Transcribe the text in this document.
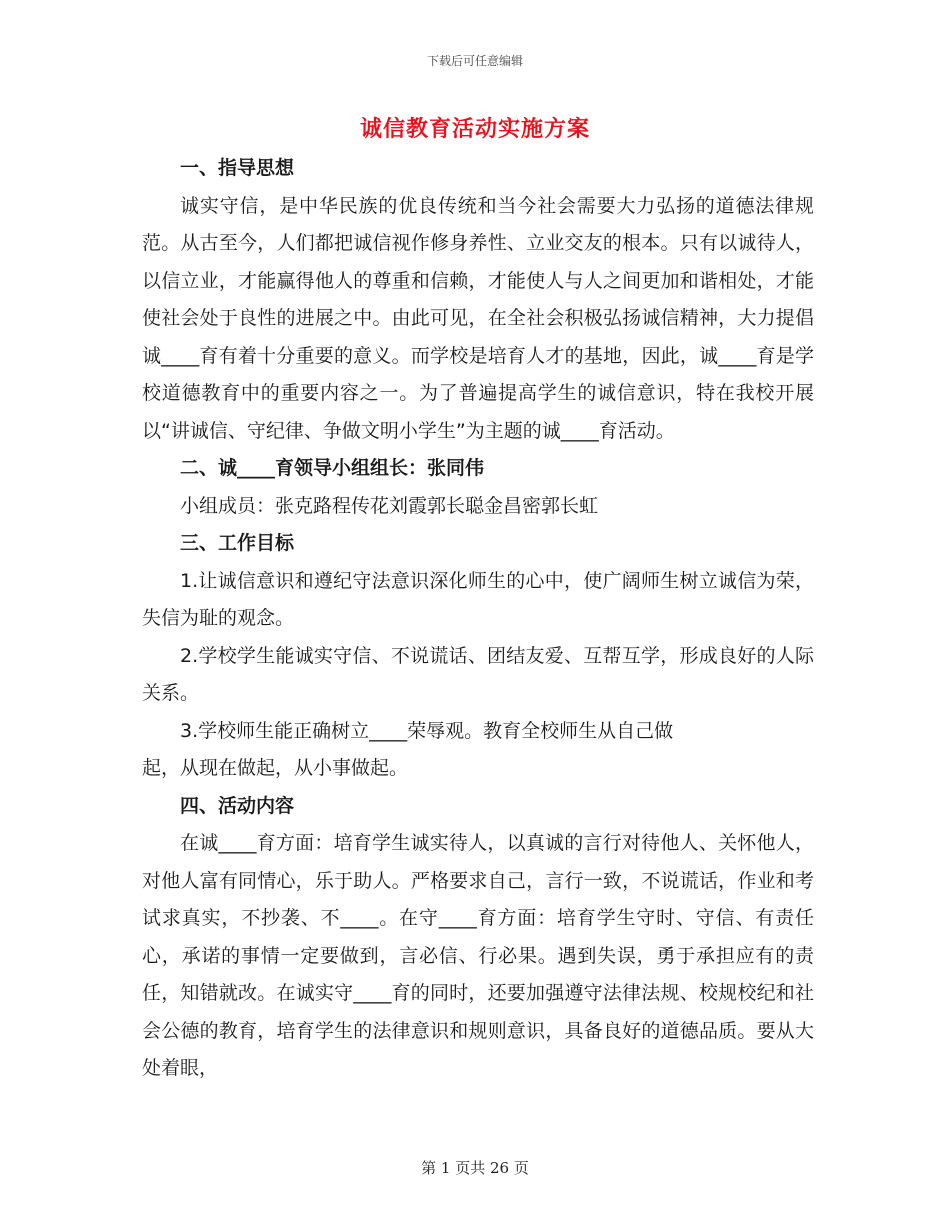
下载后可任意编辑
诚信教育活动实施方案

一、指导思想

诚实守信，是中华民族的优良传统和当今社会需要大力弘扬的道德法律规范。从古至今，人们都把诚信视作修身养性、立业交友的根本。只有以诚待人，以信立业，才能赢得他人的尊重和信赖，才能使人与人之间更加和谐相处，才能使社会处于良性的进展之中。由此可见，在全社会积极弘扬诚信精神，大力提倡诚____育有着十分重要的意义。而学校是培育人才的基地，因此，诚____育是学校道德教育中的重要内容之一。为了普遍提高学生的诚信意识，特在我校开展以“讲诚信、守纪律、争做文明小学生”为主题的诚____育活动。

二、诚____育领导小组组长：张同伟

小组成员：张克路程传花刘霞郭长聪金昌密郭长虹

三、工作目标

1.让诚信意识和遵纪守法意识深化师生的心中，使广阔师生树立诚信为荣，失信为耻的观念。

2.学校学生能诚实守信、不说谎话、团结友爱、互帮互学，形成良好的人际关系。

3.学校师生能正确树立____荣辱观。教育全校师生从自己做

起，从现在做起，从小事做起。

四、活动内容

在诚____育方面：培育学生诚实待人，以真诚的言行对待他人、关怀他人，对他人富有同情心，乐于助人。严格要求自己，言行一致，不说谎话，作业和考试求真实，不抄袭、不____。在守____育方面：培育学生守时、守信、有责任心，承诺的事情一定要做到，言必信、行必果。遇到失误，勇于承担应有的责任，知错就改。在诚实守____育的同时，还要加强遵守法律法规、校规校纪和社会公德的教育，培育学生的法律意识和规则意识，具备良好的道德品质。要从大处着眼，

第 1 页共 26 页
